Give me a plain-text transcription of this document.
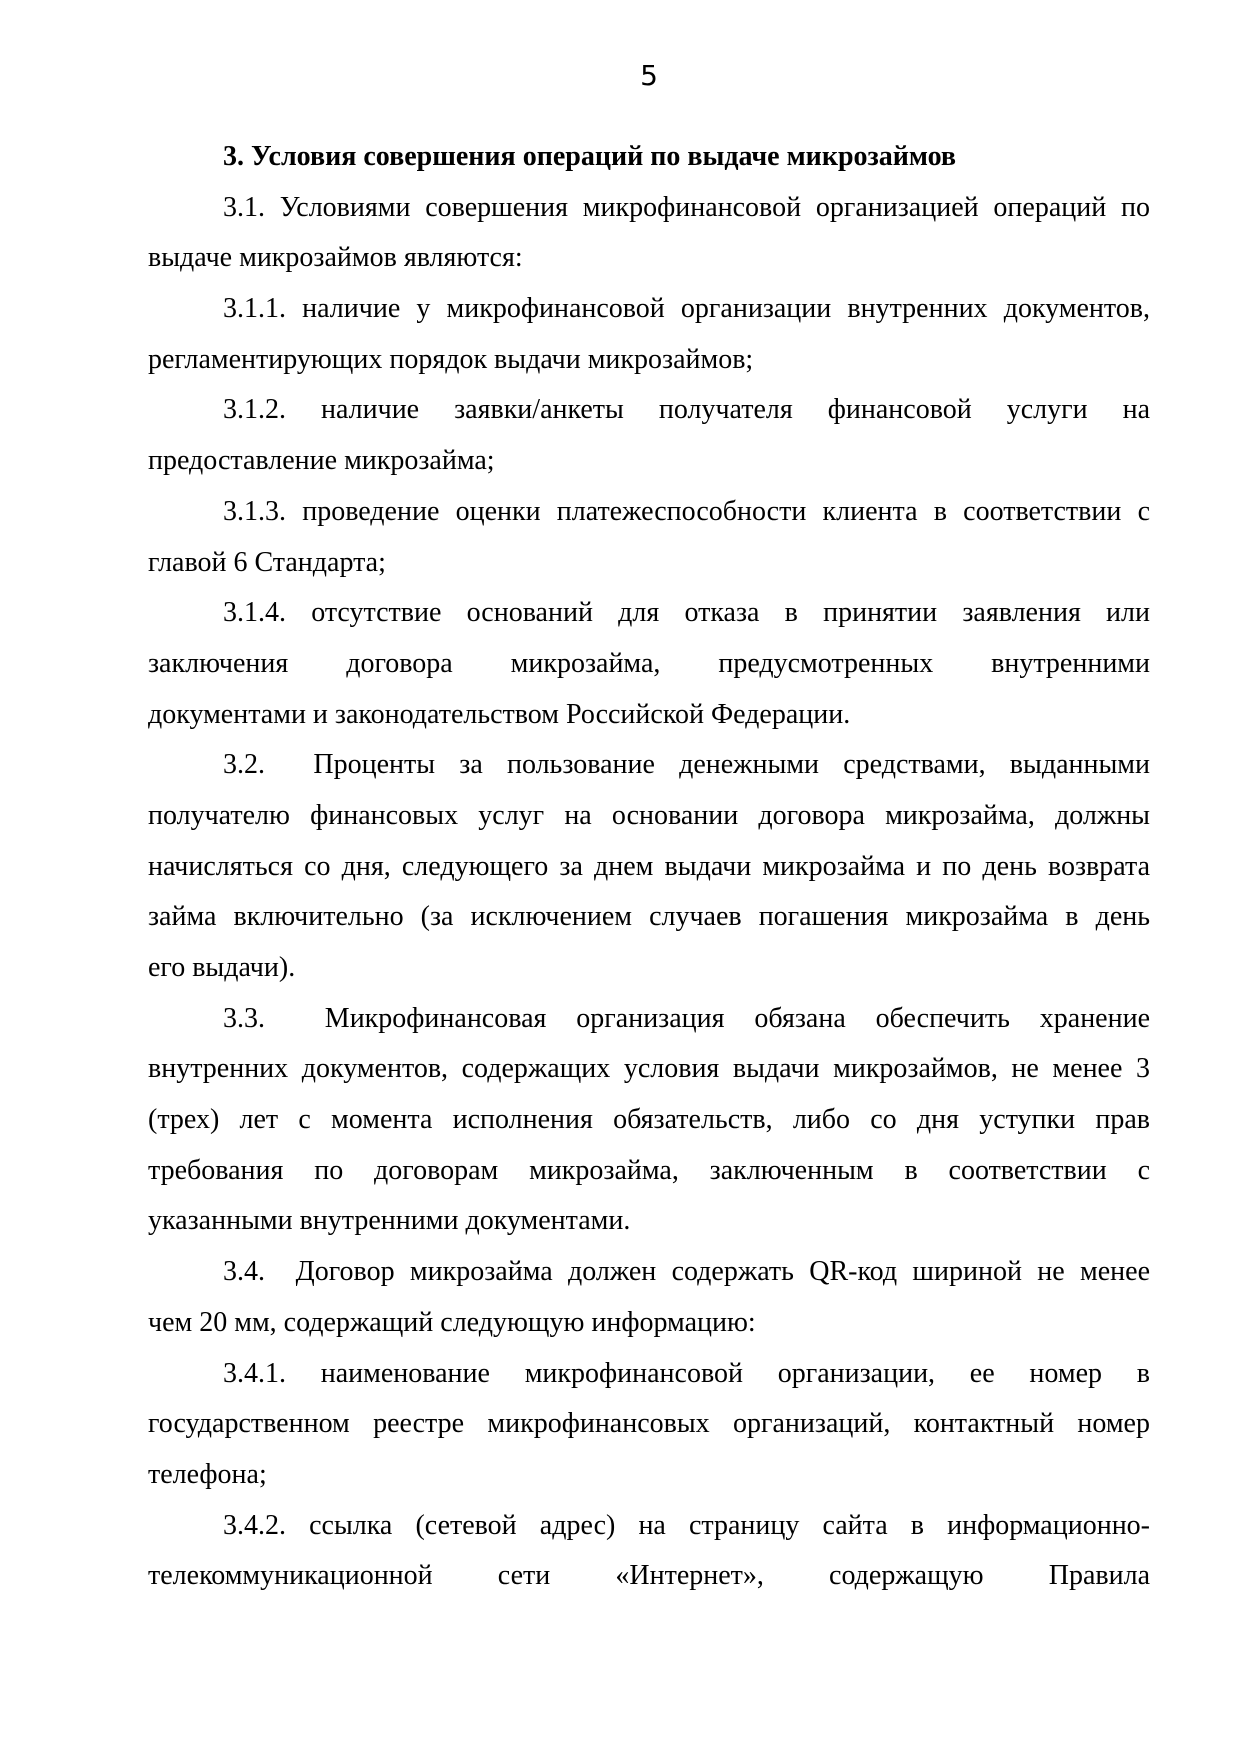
5
3. Условия совершения операций по выдаче микрозаймов
3.1. Условиями совершения микрофинансовой организацией операций по
выдаче микрозаймов являются:
3.1.1. наличие у микрофинансовой организации внутренних документов,
регламентирующих порядок выдачи микрозаймов;
3.1.2. наличие заявки/анкеты получателя финансовой услуги на
предоставление микрозайма;
3.1.3. проведение оценки платежеспособности клиента в соответствии с
главой 6 Стандарта;
3.1.4. отсутствие оснований для отказа в принятии заявления или
заключения договора микрозайма, предусмотренных внутренними
документами и законодательством Российской Федерации.
3.2.  Проценты за пользование денежными средствами, выданными
получателю финансовых услуг на основании договора микрозайма, должны
начисляться со дня, следующего за днем выдачи микрозайма и по день возврата
займа включительно (за исключением случаев погашения микрозайма в день
его выдачи).
3.3.  Микрофинансовая организация обязана обеспечить хранение
внутренних документов, содержащих условия выдачи микрозаймов, не менее 3
(трех) лет с момента исполнения обязательств, либо со дня уступки прав
требования по договорам микрозайма, заключенным в соответствии с
указанными внутренними документами.
3.4.  Договор микрозайма должен содержать QR-код шириной не менее
чем 20 мм, содержащий следующую информацию:
3.4.1. наименование микрофинансовой организации, ее номер в
государственном реестре микрофинансовых организаций, контактный номер
телефона;
3.4.2. ссылка (сетевой адрес) на страницу сайта в информационно-
телекоммуникационной сети «Интернет», содержащую Правила
